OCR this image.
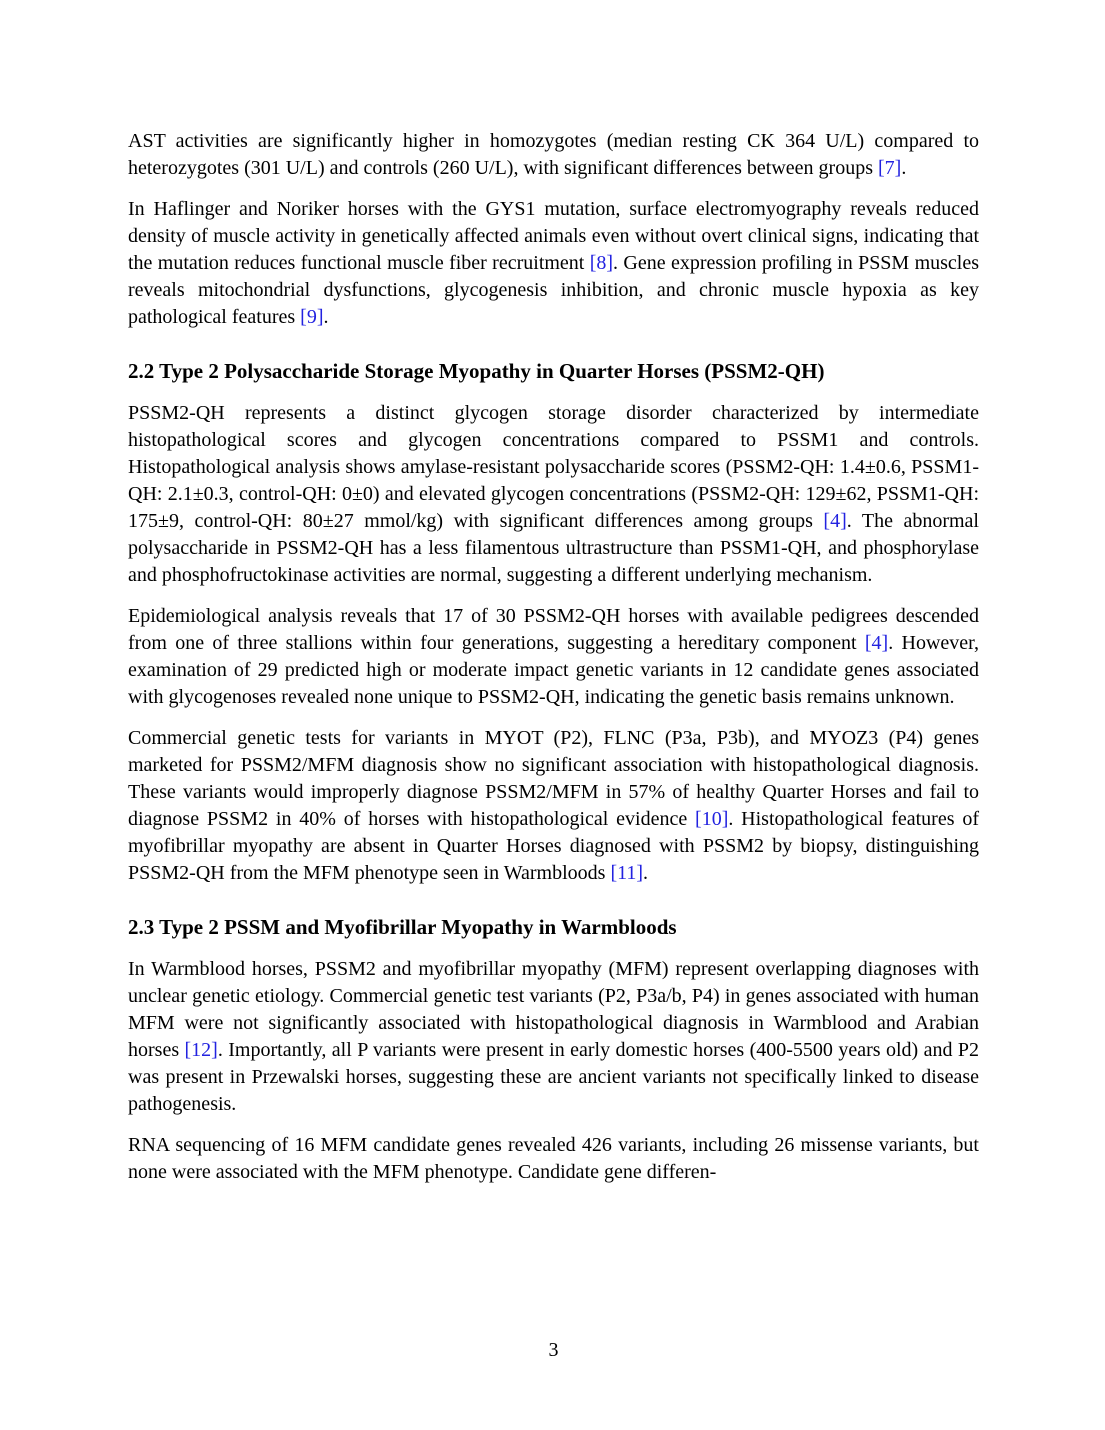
AST activities are significantly higher in homozygotes (median resting CK 364 U/L) compared to heterozygotes (301 U/L) and controls (260 U/L), with significant differences between groups [7].

In Haflinger and Noriker horses with the GYS1 mutation, surface electromyography reveals reduced density of muscle activity in genetically affected animals even without overt clinical signs, indicating that the mutation reduces functional muscle fiber recruitment [8]. Gene expression profiling in PSSM muscles reveals mitochondrial dysfunctions, glycogenesis inhibition, and chronic muscle hypoxia as key pathological features [9].

2.2 Type 2 Polysaccharide Storage Myopathy in Quarter Horses (PSSM2-QH)

PSSM2-QH represents a distinct glycogen storage disorder characterized by intermediate histopathological scores and glycogen concentrations compared to PSSM1 and controls. Histopathological analysis shows amylase-resistant polysaccharide scores (PSSM2-QH: 1.4±0.6, PSSM1-QH: 2.1±0.3, control-QH: 0±0) and elevated glycogen concentrations (PSSM2-QH: 129±62, PSSM1-QH: 175±9, control-QH: 80±27 mmol/kg) with significant differences among groups [4]. The abnormal polysaccharide in PSSM2-QH has a less filamentous ultrastructure than PSSM1-QH, and phosphorylase and phosphofructokinase activities are normal, suggesting a different underlying mechanism.

Epidemiological analysis reveals that 17 of 30 PSSM2-QH horses with available pedigrees descended from one of three stallions within four generations, suggesting a hereditary component [4]. However, examination of 29 predicted high or moderate impact genetic variants in 12 candidate genes associated with glycogenoses revealed none unique to PSSM2-QH, indicating the genetic basis remains unknown.

Commercial genetic tests for variants in MYOT (P2), FLNC (P3a, P3b), and MYOZ3 (P4) genes marketed for PSSM2/MFM diagnosis show no significant association with histopathological diagnosis. These variants would improperly diagnose PSSM2/MFM in 57% of healthy Quarter Horses and fail to diagnose PSSM2 in 40% of horses with histopathological evidence [10]. Histopathological features of myofibrillar myopathy are absent in Quarter Horses diagnosed with PSSM2 by biopsy, distinguishing PSSM2-QH from the MFM phenotype seen in Warmbloods [11].

2.3 Type 2 PSSM and Myofibrillar Myopathy in Warmbloods

In Warmblood horses, PSSM2 and myofibrillar myopathy (MFM) represent overlapping diagnoses with unclear genetic etiology. Commercial genetic test variants (P2, P3a/b, P4) in genes associated with human MFM were not significantly associated with histopathological diagnosis in Warmblood and Arabian horses [12]. Importantly, all P variants were present in early domestic horses (400-5500 years old) and P2 was present in Przewalski horses, suggesting these are ancient variants not specifically linked to disease pathogenesis.

RNA sequencing of 16 MFM candidate genes revealed 426 variants, including 26 missense variants, but none were associated with the MFM phenotype. Candidate gene differen-

3
